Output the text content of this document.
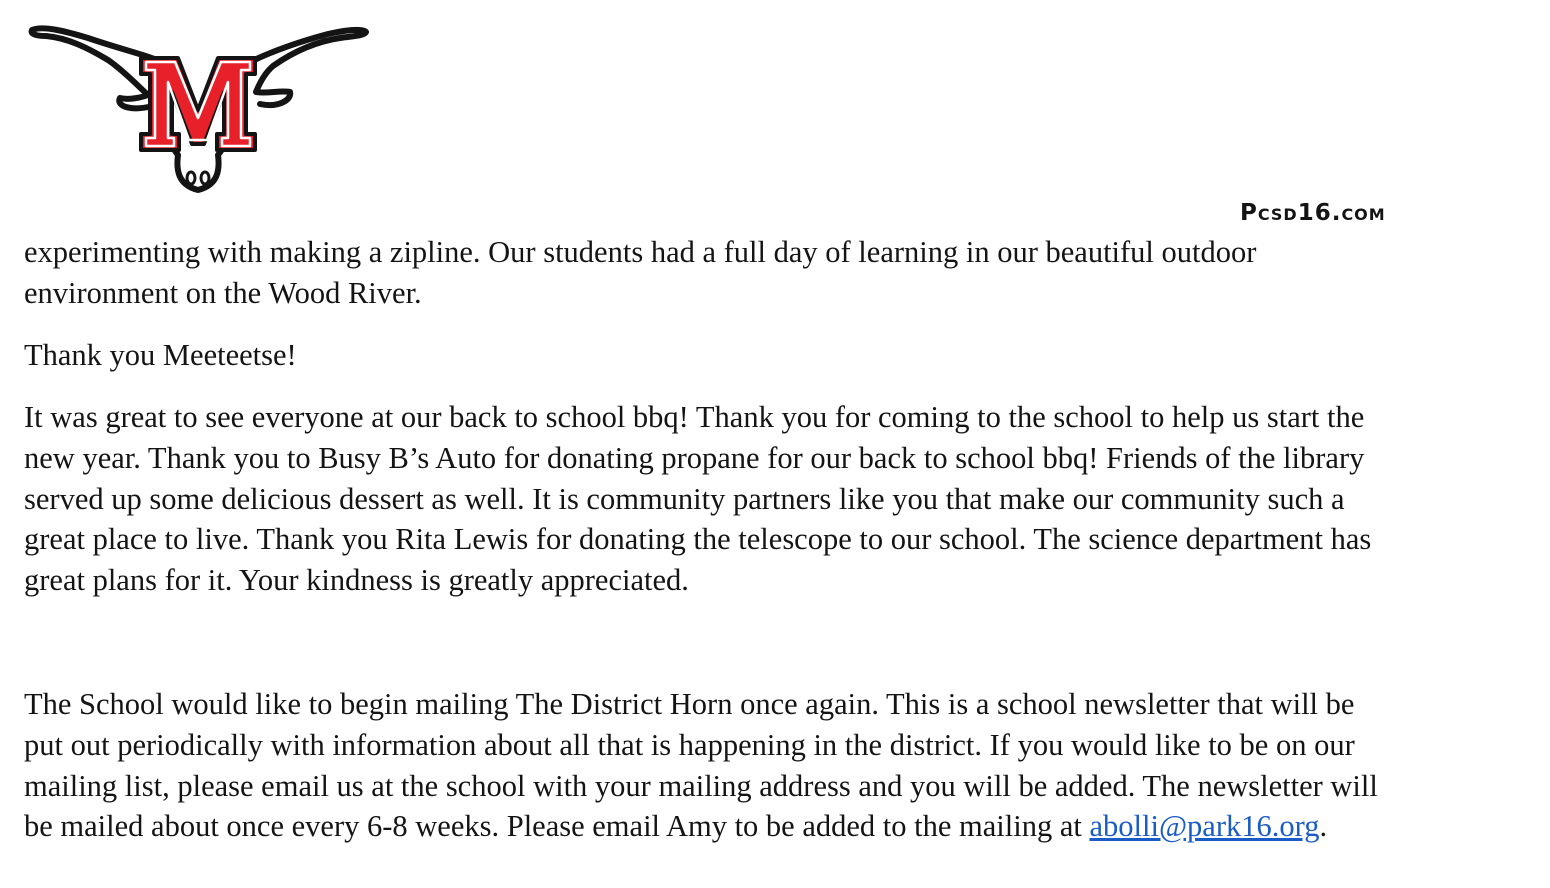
M
Pcsd16.com

experimenting with making a zipline. Our students had a full day of learning in our beautiful outdoor
environment on the Wood River.

Thank you Meeteetse!

It was great to see everyone at our back to school bbq! Thank you for coming to the school to help us start the
new year. Thank you to Busy B’s Auto for donating propane for our back to school bbq! Friends of the library
served up some delicious dessert as well. It is community partners like you that make our community such a
great place to live. Thank you Rita Lewis for donating the telescope to our school. The science department has
great plans for it. Your kindness is greatly appreciated.

The School would like to begin mailing The District Horn once again. This is a school newsletter that will be
put out periodically with information about all that is happening in the district. If you would like to be on our
mailing list, please email us at the school with your mailing address and you will be added. The newsletter will
be mailed about once every 6-8 weeks. Please email Amy to be added to the mailing at abolli@park16.org.
